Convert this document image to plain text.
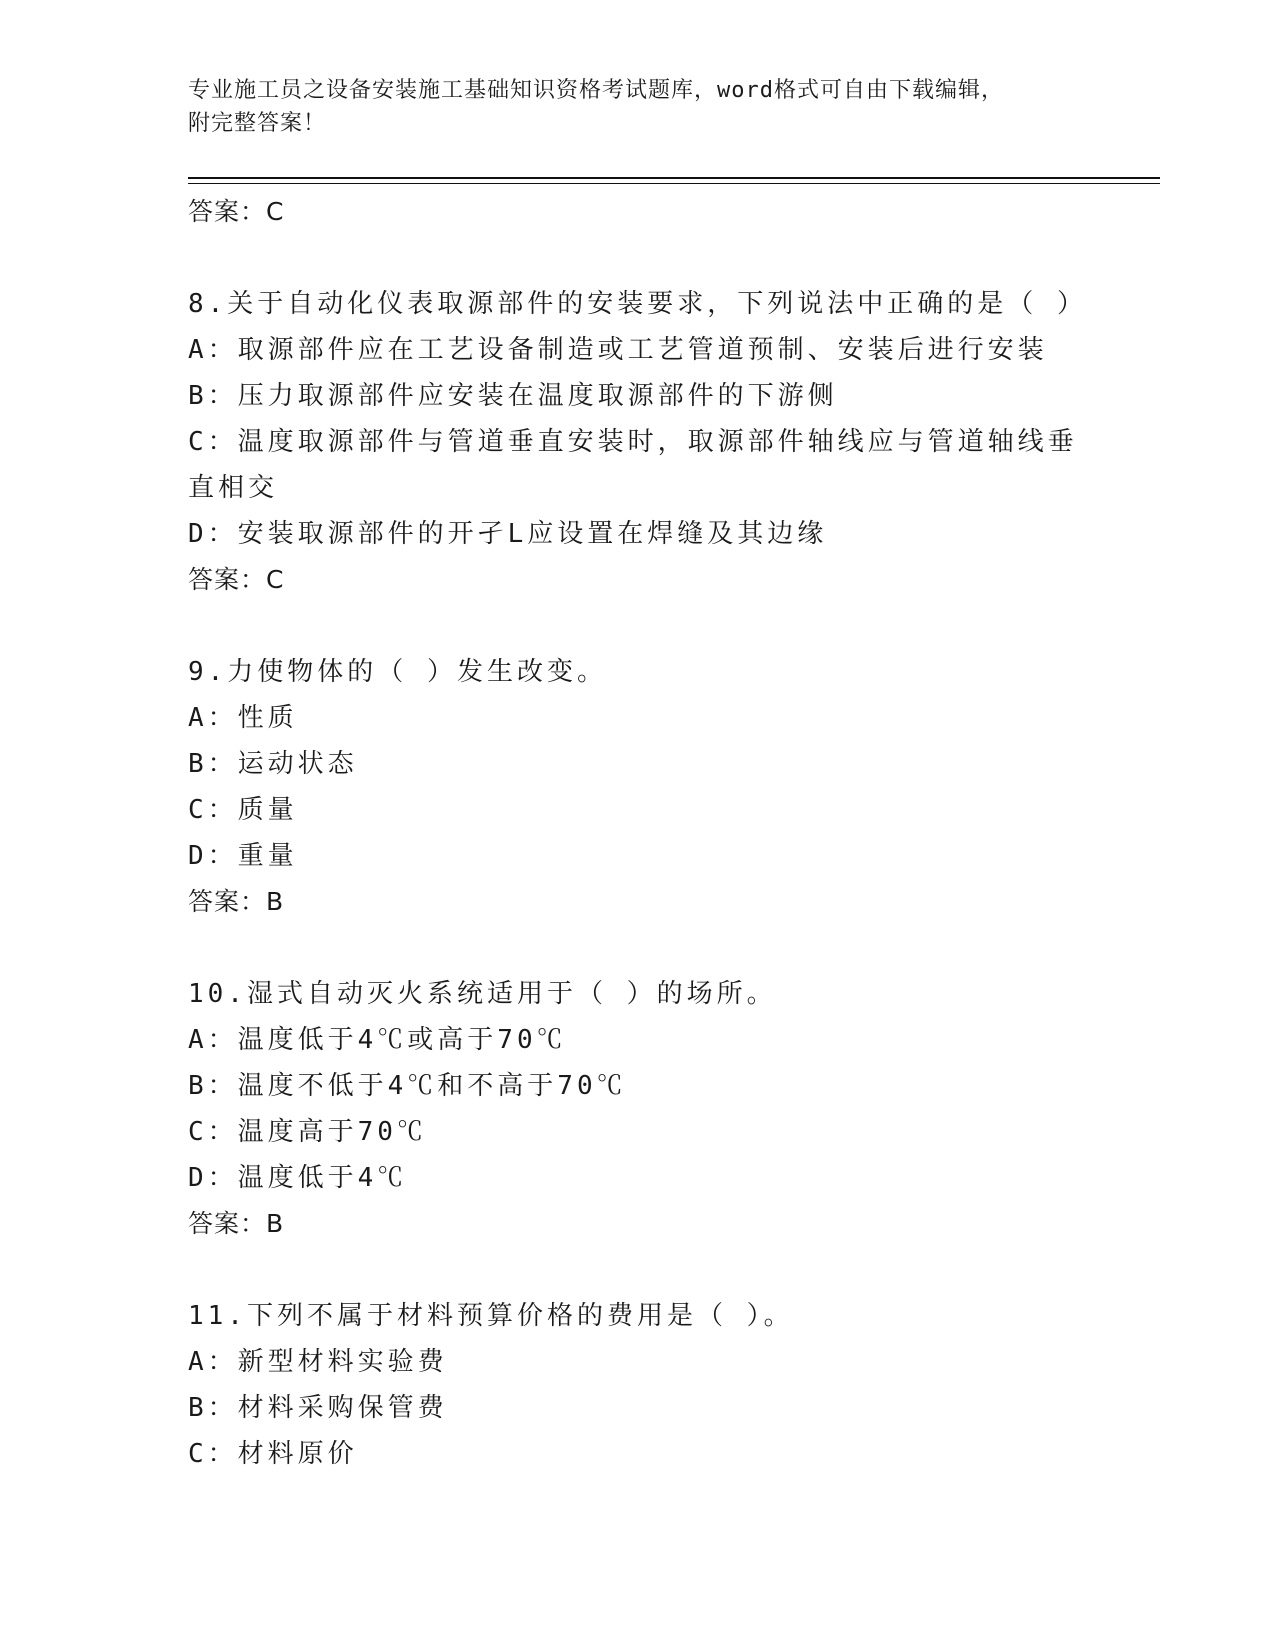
专业施工员之设备安装施工基础知识资格考试题库，word格式可自由下载编辑，
附完整答案！
答案：C
8.关于自动化仪表取源部件的安装要求，下列说法中正确的是（ ）
A：取源部件应在工艺设备制造或工艺管道预制、安装后进行安装
B：压力取源部件应安装在温度取源部件的下游侧
C：温度取源部件与管道垂直安装时，取源部件轴线应与管道轴线垂直相交
D：安装取源部件的开孑L应设置在焊缝及其边缘
答案：C
9.力使物体的（ ）发生改变。
A：性质
B：运动状态
C：质量
D：重量
答案：B
10.湿式自动灭火系统适用于（ ）的场所。
A：温度低于4℃或高于70℃
B：温度不低于4℃和不高于70℃
C：温度高于70℃
D：温度低于4℃
答案：B
11.下列不属于材料预算价格的费用是（ ）。
A：新型材料实验费
B：材料采购保管费
C：材料原价
